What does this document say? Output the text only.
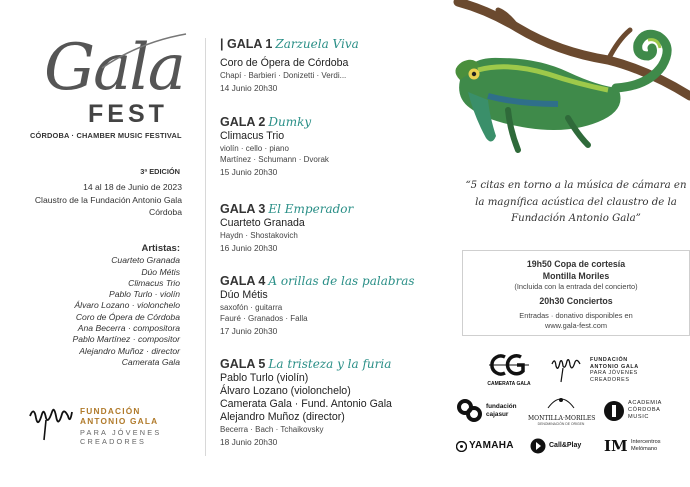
Gala
FEST
CÓRDOBA · CHAMBER MUSIC FESTIVAL
3ª EDICIÓN
14 al 18 de Junio de 2023
Claustro de la Fundación Antonio Gala
Córdoba
Artistas:
Cuarteto Granada
Dúo Métis
Climacus Trio
Pablo Turlo · violín
Álvaro Lozano · violonchelo
Coro de Ópera de Córdoba
Ana Becerra · compositora
Pablo Martínez · compositor
Alejandro Muñoz · director
Camerata Gala
FUNDACIÓN
ANTONIO GALA
PARA JÓVENES
CREADORES
| GALA 1 Zarzuela Viva
Coro de Ópera de Córdoba
Chapí · Barbieri · Donizetti · Verdi...
14 Junio 20h30
GALA 2 Dumky
Climacus Trio
violín · cello · piano
Martínez · Schumann · Dvorak
15 Junio 20h30
GALA 3 El Emperador
Cuarteto Granada
Haydn · Shostakovich
16 Junio 20h30
GALA 4 A orillas de las palabras
Dúo Métis
saxofón · guitarra
Fauré · Granados · Falla
17 Junio 20h30
GALA 5 La tristeza y la furia
Pablo Turlo (violín)
Álvaro Lozano (violonchelo)
Camerata Gala · Fund. Antonio Gala
Alejandro Muñoz (director)
Becerra · Bach · Tchaikovsky
18 Junio 20h30
“5 citas en torno a la música de cámara en
la magnífica acústica del claustro de la
Fundación Antonio Gala”
19h50 Copa de cortesía
Montilla Moriles
(Incluida con la entrada del concierto)
20h30 Conciertos
Entradas · donativo disponibles en
www.gala-fest.com
CAMERATA GALA
FUNDACIÓN
ANTONIO GALA
PARA JÓVENES
CREADORES
fundación
cajasur
MONTILLA·MORILES
DENOMINACIÓN DE ORIGEN
ACADEMIA
CÓRDOBA
MUSIC
YAMAHA	Call&Play IM Intercentros
Melómano
